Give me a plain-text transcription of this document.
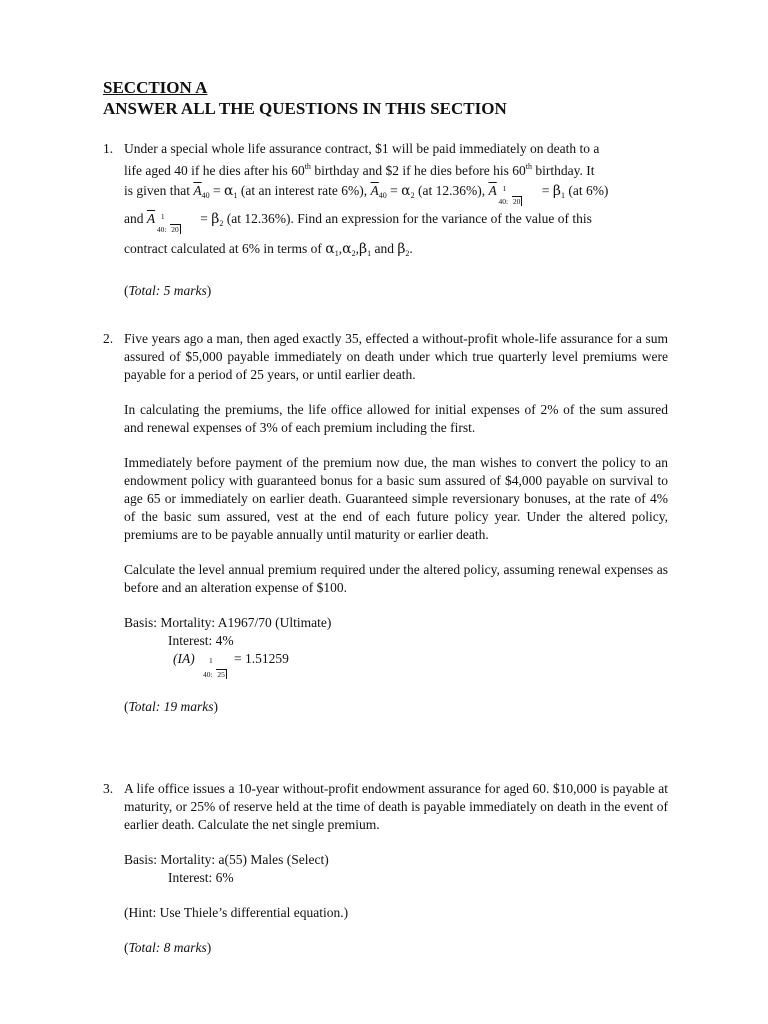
SECCTION A
ANSWER ALL THE QUESTIONS IN THIS SECTION
1. Under a special whole life assurance contract, $1 will be paid immediately on death to a
life aged 40 if he dies after his 60th birthday and $2 if he dies before his 60th birthday. It
is given that $\overline{A}_{40} = \alpha_1$ (at an interest rate 6%), $\overline{A}_{40} = \alpha_2$ (at 12.36%), $\overline{A}$ 1
40: 20
= $\beta_1$ (at 6%)
and $\overline{A}$ 1
40: 20
= $\beta_2$ (at 12.36%). Find an expression for the variance of the value of this
contract calculated at 6% in terms of $\alpha_1,\alpha_2,\beta_1$ and $\beta_2$.
(Total: 5 marks)
2. Five years ago a man, then aged exactly 35, effected a without-profit whole-life assurance for a sum assured of $5,000 payable immediately on death under which true quarterly level premiums were payable for a period of 25 years, or until earlier death.

In calculating the premiums, the life office allowed for initial expenses of 2% of the sum assured and renewal expenses of 3% of each premium including the first.

Immediately before payment of the premium now due, the man wishes to convert the policy to an endowment policy with guaranteed bonus for a basic sum assured of $4,000 payable on survival to age 65 or immediately on earlier death. Guaranteed simple reversionary bonuses, at the rate of 4% of the basic sum assured, vest at the end of each future policy year. Under the altered policy, premiums are to be payable annually until maturity or earlier death.

Calculate the level annual premium required under the altered policy, assuming renewal expenses as before and an alteration expense of $100.

Basis: Mortality: A1967/70 (Ultimate)

Interest: 4%

(IA) 1
40: 25
= 1.51259
(Total: 19 marks)
3. A life office issues a 10-year without-profit endowment assurance for aged 60. $10,000 is payable at maturity, or 25% of reserve held at the time of death is payable immediately on death in the event of earlier death. Calculate the net single premium.

Basis: Mortality: a(55) Males (Select)

Interest: 6%

(Hint: Use Thiele’s differential equation.)

(Total: 8 marks)
